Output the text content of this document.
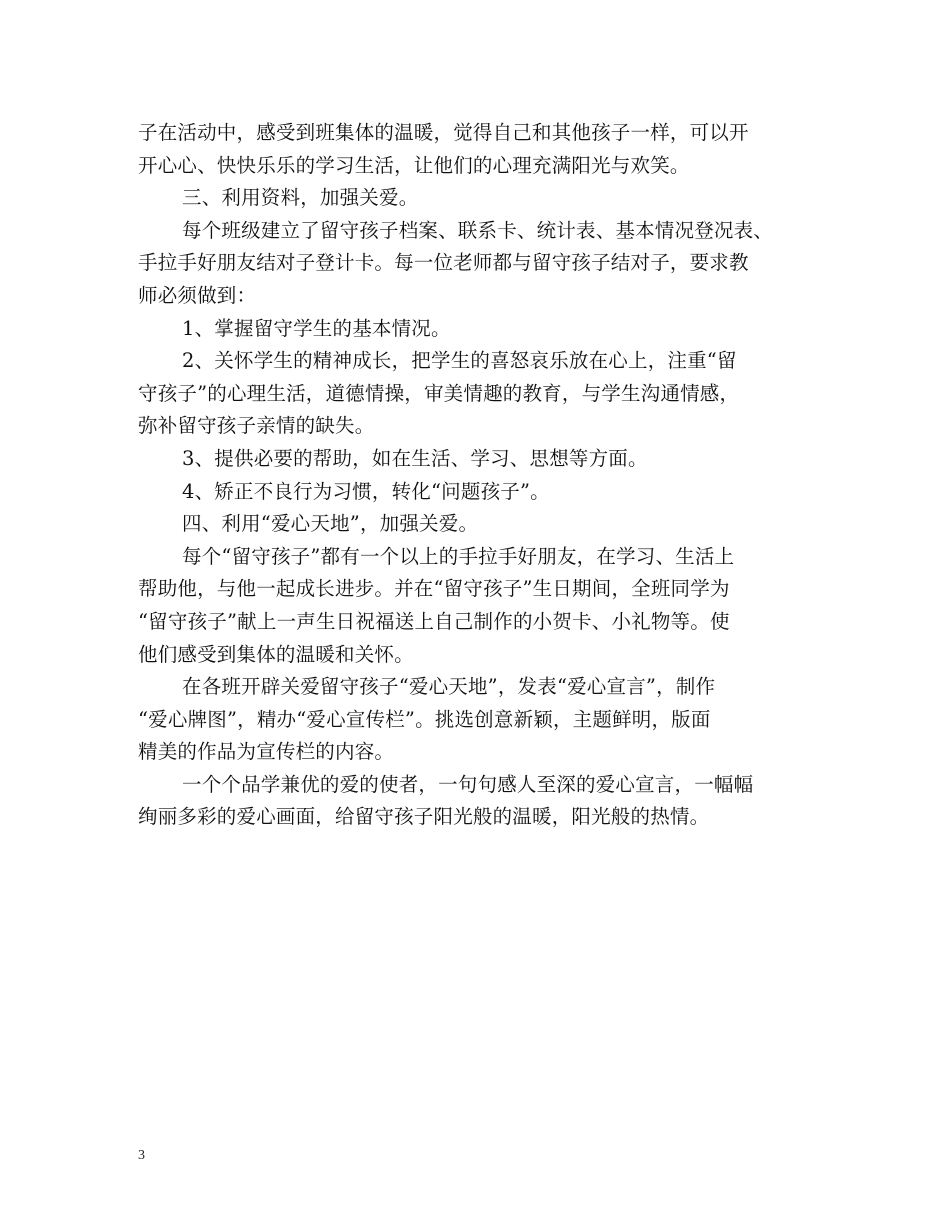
子在活动中，感受到班集体的温暖，觉得自己和其他孩子一样，可以开
开心心、快快乐乐的学习生活，让他们的心理充满阳光与欢笑。
三、利用资料，加强关爱。
每个班级建立了留守孩子档案、联系卡、统计表、基本情况登况表、
手拉手好朋友结对子登计卡。每一位老师都与留守孩子结对子，要求教
师必须做到：
1、掌握留守学生的基本情况。
2、关怀学生的精神成长，把学生的喜怒哀乐放在心上，注重“留
守孩子”的心理生活，道德情操，审美情趣的教育，与学生沟通情感，
弥补留守孩子亲情的缺失。
3、提供必要的帮助，如在生活、学习、思想等方面。
4、矫正不良行为习惯，转化“问题孩子”。
四、利用“爱心天地”，加强关爱。
每个“留守孩子”都有一个以上的手拉手好朋友，在学习、生活上
帮助他，与他一起成长进步。并在“留守孩子”生日期间，全班同学为
“留守孩子”献上一声生日祝福送上自己制作的小贺卡、小礼物等。使
他们感受到集体的温暖和关怀。
在各班开辟关爱留守孩子“爱心天地”，发表“爱心宣言”，制作
“爱心牌图”，精办“爱心宣传栏”。挑选创意新颖，主题鲜明，版面
精美的作品为宣传栏的内容。
一个个品学兼优的爱的使者，一句句感人至深的爱心宣言，一幅幅
绚丽多彩的爱心画面，给留守孩子阳光般的温暖，阳光般的热情。
3
